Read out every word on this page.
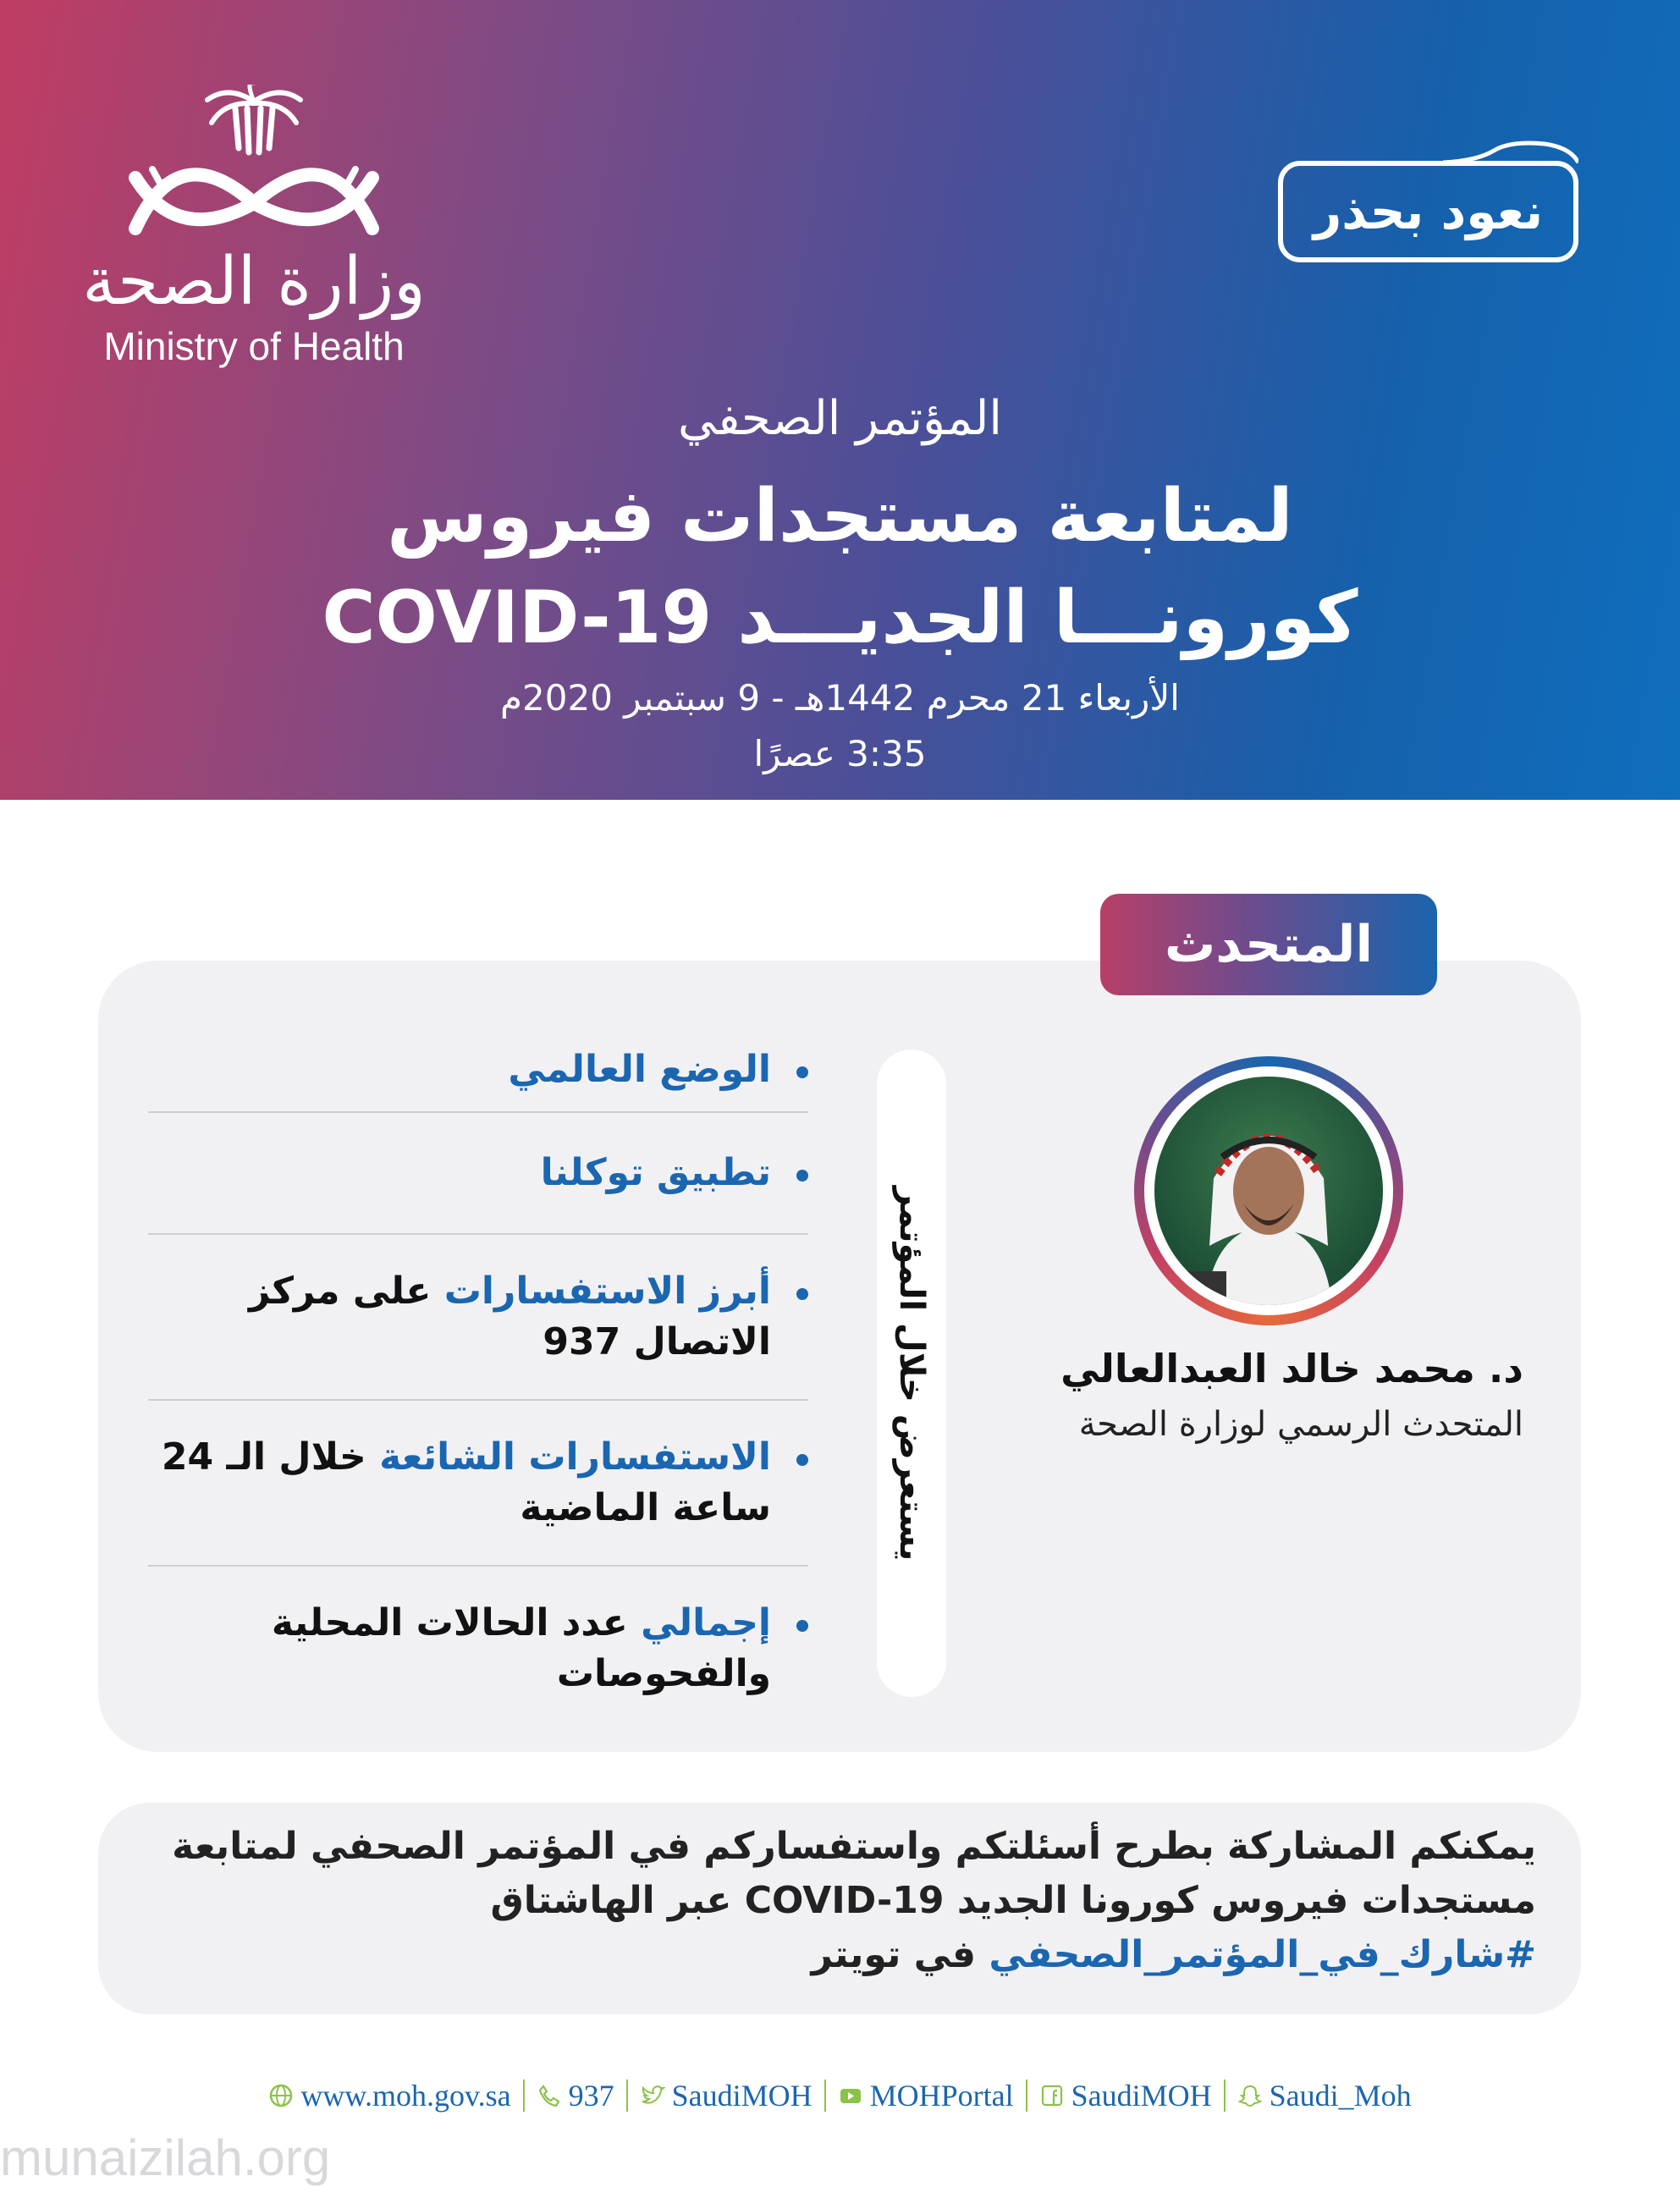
وزارة الصحة
Ministry of Health
نعود بحذر
المؤتمر الصحفي
لمتابعة مستجدات فيروس
كورونـــا الجديـــد COVID-19
الأربعاء 21 محرم 1442هـ - 9 سبتمبر 2020م
3:35 عصرًا
المتحدث
د. محمد خالد العبدالعالي
المتحدث الرسمي لوزارة الصحة
يستعرض خلال المؤتمر
الوضع العالمي
تطبيق توكلنا
أبرز الاستفسارات على مركز الاتصال 937
الاستفسارات الشائعة خلال الـ 24 ساعة الماضية
إجمالي عدد الحالات المحلية والفحوصات
يمكنكم المشاركة بطرح أسئلتكم واستفساركم في المؤتمر الصحفي لمتابعة مستجدات فيروس كورونا الجديد COVID-19 عبر الهاشتاق #شارك_في_المؤتمر_الصحفي في تويتر
www.moh.gov.sa 937 SaudiMOH MOHPortal SaudiMOH Saudi_Moh
munaizilah.org
